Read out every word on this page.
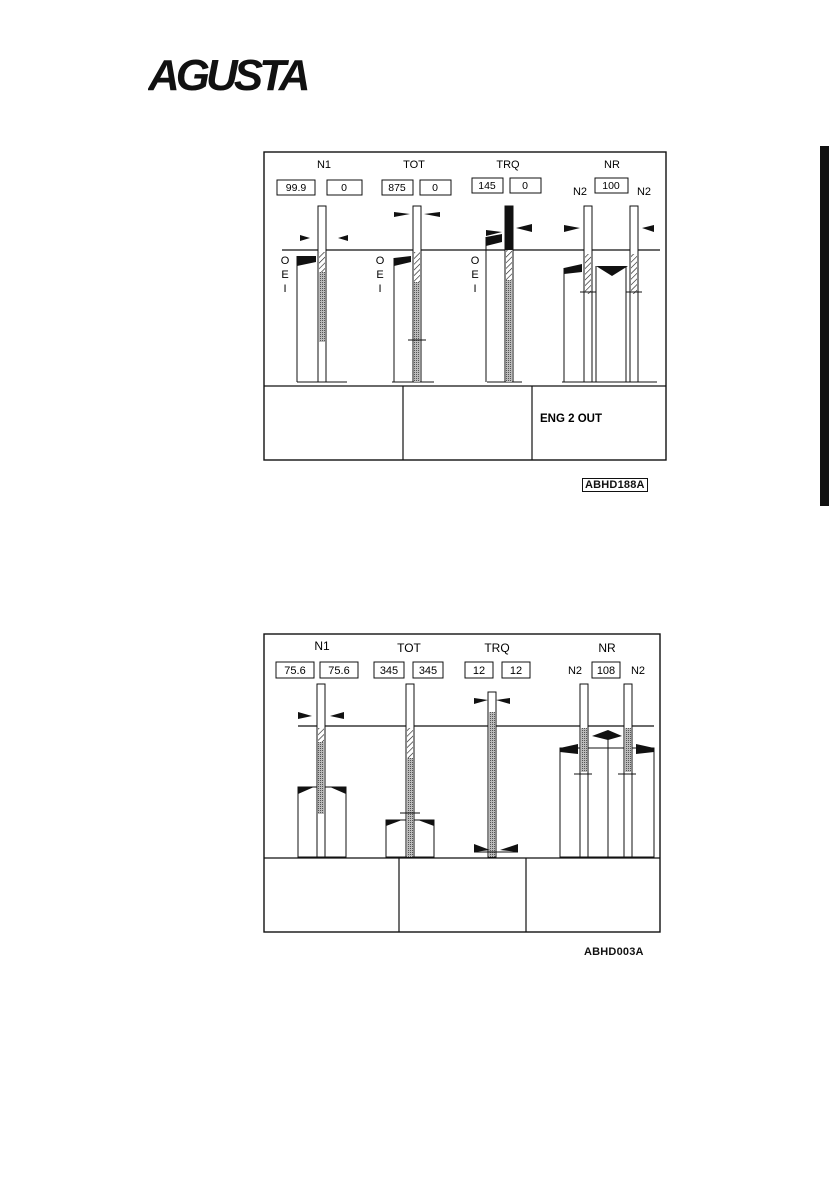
AGUSTA
N1	TOT	TRQ	NR
99.9	0	875	0	145	0	N2 100 N2
O
E
I
O
E
I
O
E
I
ENG 2 OUT
ABHD188A
N1	TOT	TRQ	NR
75.6 75.6	345 345	12 12	N2 108 N2
ABHD003A
